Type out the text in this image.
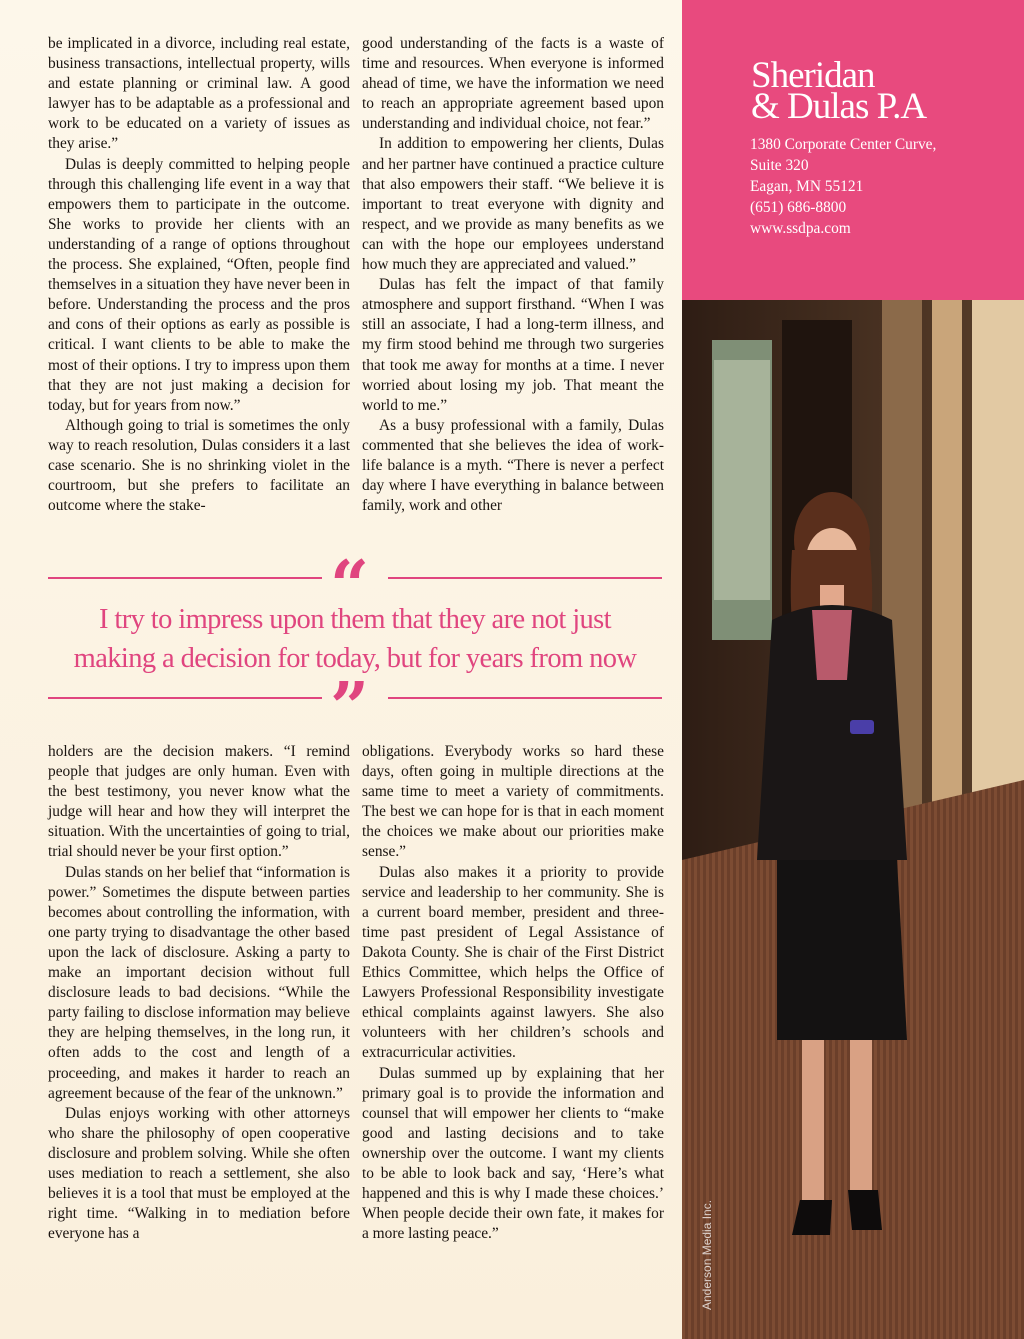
be implicated in a divorce, including real estate, business transactions, intellectual property, wills and estate planning or criminal law. A good lawyer has to be adaptable as a professional and work to be educated on a variety of issues as they arise.”

Dulas is deeply committed to helping people through this challenging life event in a way that empowers them to participate in the outcome. She works to provide her clients with an understanding of a range of options throughout the process. She explained, “Often, people find themselves in a situation they have never been in before. Understanding the process and the pros and cons of their options as early as possible is critical. I want clients to be able to make the most of their options. I try to impress upon them that they are not just making a decision for today, but for years from now.”

Although going to trial is sometimes the only way to reach resolution, Dulas considers it a last case scenario. She is no shrinking violet in the courtroom, but she prefers to facilitate an outcome where the stake-

good understanding of the facts is a waste of time and resources. When everyone is informed ahead of time, we have the information we need to reach an appropriate agreement based upon understanding and individual choice, not fear.”

In addition to empowering her clients, Dulas and her partner have continued a practice culture that also empowers their staff. “We believe it is important to treat everyone with dignity and respect, and we provide as many benefits as we can with the hope our employees understand how much they are appreciated and valued.”

Dulas has felt the impact of that family atmosphere and support firsthand. “When I was still an associate, I had a long-term illness, and my firm stood behind me through two surgeries that took me away for months at a time. I never worried about losing my job. That meant the world to me.”

As a busy professional with a family, Dulas commented that she believes the idea of work-life balance is a myth. “There is never a perfect day where I have everything in balance between family, work and other

“
I try to impress upon them that they are not just
making a decision for today, but for years from now
”

holders are the decision makers. “I remind people that judges are only human. Even with the best testimony, you never know what the judge will hear and how they will interpret the situation. With the uncertainties of going to trial, trial should never be your first option.”

Dulas stands on her belief that “information is power.” Sometimes the dispute between parties becomes about controlling the information, with one party trying to disadvantage the other based upon the lack of disclosure. Asking a party to make an important decision without full disclosure leads to bad decisions. “While the party failing to disclose information may believe they are helping themselves, in the long run, it often adds to the cost and length of a proceeding, and makes it harder to reach an agreement because of the fear of the unknown.”

Dulas enjoys working with other attorneys who share the philosophy of open cooperative disclosure and problem solving. While she often uses mediation to reach a settlement, she also believes it is a tool that must be employed at the right time. “Walking in to mediation before everyone has a

obligations. Everybody works so hard these days, often going in multiple directions at the same time to meet a variety of commitments. The best we can hope for is that in each moment the choices we make about our priorities make sense.”

Dulas also makes it a priority to provide service and leadership to her community. She is a current board member, president and three-time past president of Legal Assistance of Dakota County. She is chair of the First District Ethics Committee, which helps the Office of Lawyers Professional Responsibility investigate ethical complaints against lawyers. She also volunteers with her children’s schools and extracurricular activities.

Dulas summed up by explaining that her primary goal is to provide the information and counsel that will empower her clients to “make good and lasting decisions and to take ownership over the outcome. I want my clients to be able to look back and say, ‘Here’s what happened and this is why I made these choices.’ When people decide their own fate, it makes for a more lasting peace.”	Anderson Media Inc.
Sheridan
& Dulas P.A
1380 Corporate Center Curve,
Suite 320
Eagan, MN 55121
(651) 686-8800
www.ssdpa.com
